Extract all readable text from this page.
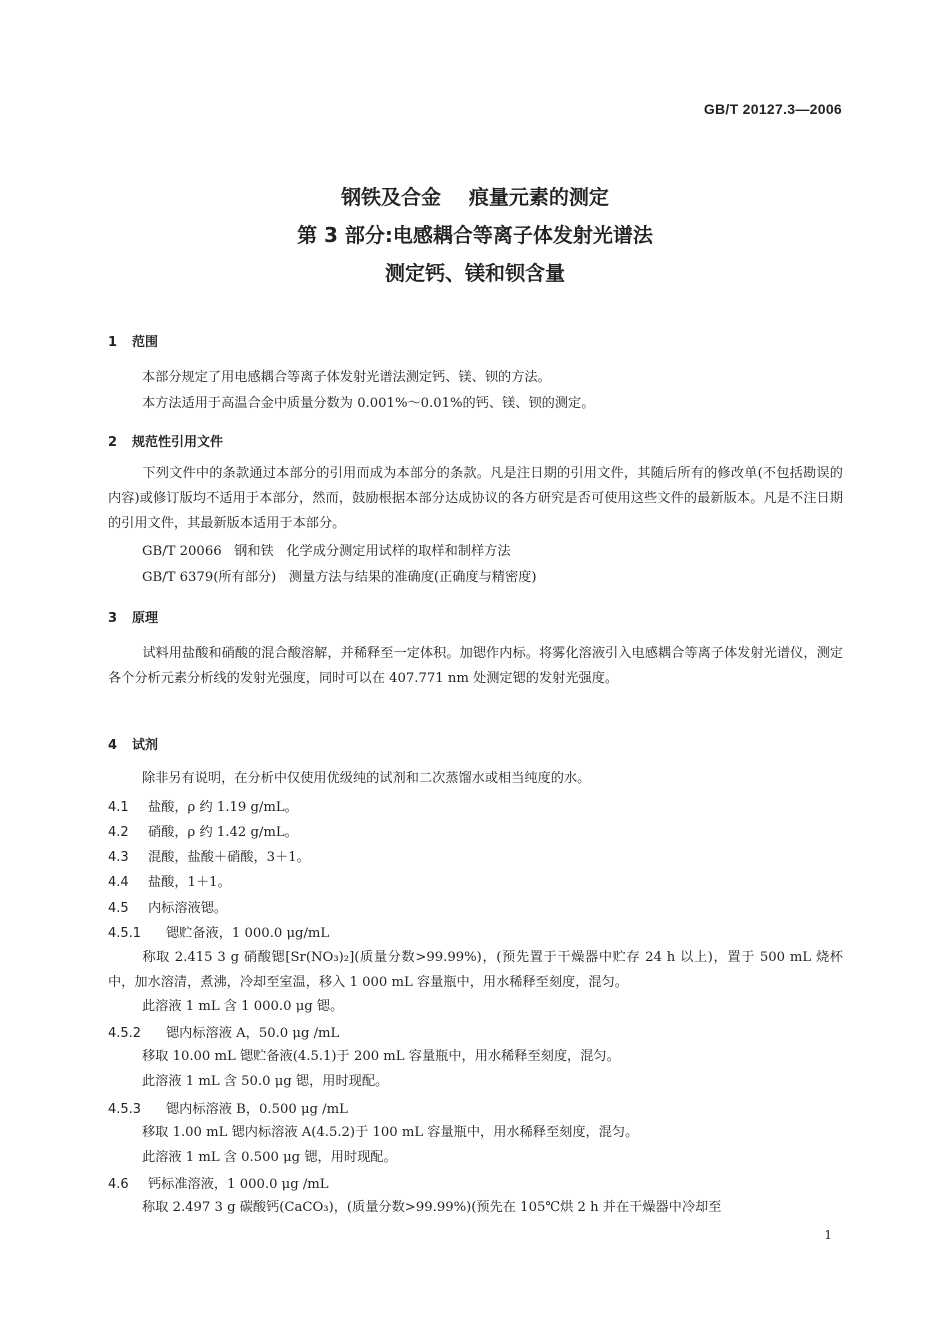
GB/T 20127.3—2006
钢铁及合金    痕量元素的测定
第 3 部分:电感耦合等离子体发射光谱法
测定钙、镁和钡含量
1 范围
本部分规定了用电感耦合等离子体发射光谱法测定钙、镁、钡的方法。
本方法适用于高温合金中质量分数为 0.001%～0.01%的钙、镁、钡的测定。
2 规范性引用文件
下列文件中的条款通过本部分的引用而成为本部分的条款。凡是注日期的引用文件，其随后所有的修改单(不包括勘误的内容)或修订版均不适用于本部分，然而，鼓励根据本部分达成协议的各方研究是否可使用这些文件的最新版本。凡是不注日期的引用文件，其最新版本适用于本部分。
GB/T 20066   钢和铁   化学成分测定用试样的取样和制样方法
GB/T 6379(所有部分)   测量方法与结果的准确度(正确度与精密度)
3 原理
试料用盐酸和硝酸的混合酸溶解，并稀释至一定体积。加锶作内标。将雾化溶液引入电感耦合等离子体发射光谱仪，测定各个分析元素分析线的发射光强度，同时可以在 407.771 nm 处测定锶的发射光强度。
4 试剂
除非另有说明，在分析中仅使用优级纯的试剂和二次蒸馏水或相当纯度的水。
4.1 盐酸，ρ 约 1.19 g/mL。
4.2 硝酸，ρ 约 1.42 g/mL。
4.3 混酸，盐酸＋硝酸，3＋1。
4.4 盐酸，1＋1。
4.5 内标溶液锶。
4.5.1 锶贮备液，1 000.0 μg/mL
称取 2.415 3 g 硝酸锶[Sr(NO₃)₂](质量分数>99.99%)，(预先置于干燥器中贮存 24 h 以上)，置于 500 mL 烧杯中，加水溶清，煮沸，冷却至室温，移入 1 000 mL 容量瓶中，用水稀释至刻度，混匀。
此溶液 1 mL 含 1 000.0 μg 锶。
4.5.2 锶内标溶液 A，50.0 μg /mL
移取 10.00 mL 锶贮备液(4.5.1)于 200 mL 容量瓶中，用水稀释至刻度，混匀。
此溶液 1 mL 含 50.0 μg 锶，用时现配。
4.5.3 锶内标溶液 B，0.500 μg /mL
移取 1.00 mL 锶内标溶液 A(4.5.2)于 100 mL 容量瓶中，用水稀释至刻度，混匀。
此溶液 1 mL 含 0.500 μg 锶，用时现配。
4.6 钙标准溶液，1 000.0 μg /mL
称取 2.497 3 g 碳酸钙(CaCO₃)，(质量分数>99.99%)(预先在 105℃烘 2 h 并在干燥器中冷却至
1
